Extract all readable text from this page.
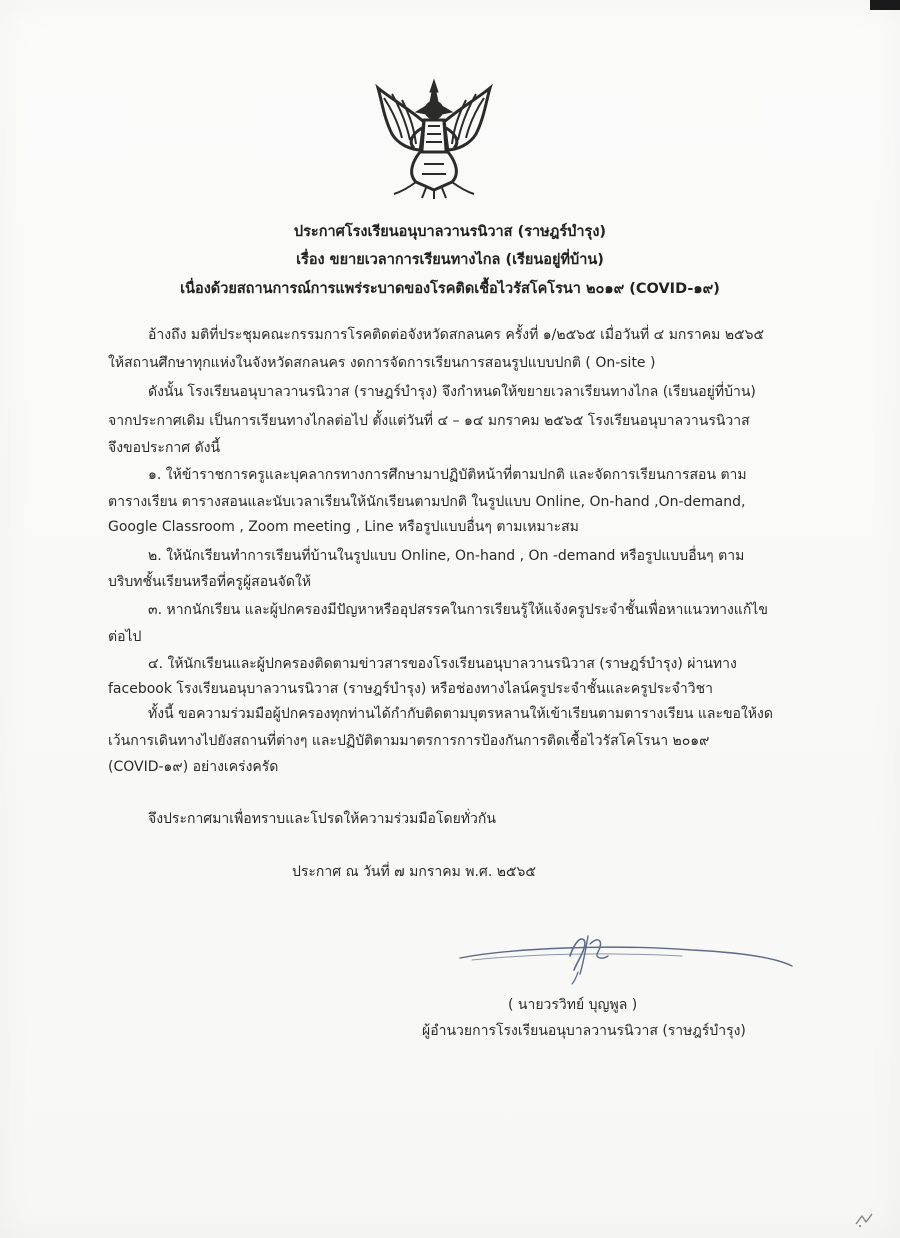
ประกาศโรงเรียนอนุบาลวานรนิวาส (ราษฎร์บำรุง)
เรื่อง ขยายเวลาการเรียนทางไกล (เรียนอยู่ที่บ้าน)
เนื่องด้วยสถานการณ์การแพร่ระบาดของโรคติดเชื้อไวรัสโคโรนา ๒๐๑๙ (COVID-๑๙)
อ้างถึง มติที่ประชุมคณะกรรมการโรคติดต่อจังหวัดสกลนคร ครั้งที่ ๑/๒๕๖๕ เมื่อวันที่ ๔ มกราคม ๒๕๖๕
ให้สถานศึกษาทุกแห่งในจังหวัดสกลนคร งดการจัดการเรียนการสอนรูปแบบปกติ ( On-site )
ดังนั้น โรงเรียนอนุบาลวานรนิวาส (ราษฎร์บำรุง) จึงกำหนดให้ขยายเวลาเรียนทางไกล (เรียนอยู่ที่บ้าน)
จากประกาศเดิม เป็นการเรียนทางไกลต่อไป ตั้งแต่วันที่ ๔ – ๑๔ มกราคม ๒๕๖๕ โรงเรียนอนุบาลวานรนิวาส
จึงขอประกาศ ดังนี้
๑. ให้ข้าราชการครูและบุคลากรทางการศึกษามาปฏิบัติหน้าที่ตามปกติ และจัดการเรียนการสอน ตาม
ตารางเรียน ตารางสอนและนับเวลาเรียนให้นักเรียนตามปกติ ในรูปแบบ Online, On-hand ,On-demand,
Google Classroom , Zoom meeting , Line หรือรูปแบบอื่นๆ ตามเหมาะสม
๒. ให้นักเรียนทำการเรียนที่บ้านในรูปแบบ Online, On-hand , On -demand หรือรูปแบบอื่นๆ ตาม
บริบทชั้นเรียนหรือที่ครูผู้สอนจัดให้
๓. หากนักเรียน และผู้ปกครองมีปัญหาหรืออุปสรรคในการเรียนรู้ให้แจ้งครูประจำชั้นเพื่อหาแนวทางแก้ไข
ต่อไป
๔. ให้นักเรียนและผู้ปกครองติดตามข่าวสารของโรงเรียนอนุบาลวานรนิวาส (ราษฎร์บำรุง) ผ่านทาง
facebook โรงเรียนอนุบาลวานรนิวาส (ราษฎร์บำรุง) หรือช่องทางไลน์ครูประจำชั้นและครูประจำวิชา
ทั้งนี้ ขอความร่วมมือผู้ปกครองทุกท่านได้กำกับติดตามบุตรหลานให้เข้าเรียนตามตารางเรียน และขอให้งด
เว้นการเดินทางไปยังสถานที่ต่างๆ และปฏิบัติตามมาตรการการป้องกันการติดเชื้อไวรัสโคโรนา ๒๐๑๙
(COVID-๑๙) อย่างเคร่งครัด
จึงประกาศมาเพื่อทราบและโปรดให้ความร่วมมือโดยทั่วกัน
ประกาศ ณ วันที่ ๗ มกราคม พ.ศ. ๒๕๖๕
( นายวรวิทย์ บุญพูล )
ผู้อำนวยการโรงเรียนอนุบาลวานรนิวาส (ราษฎร์บำรุง)
